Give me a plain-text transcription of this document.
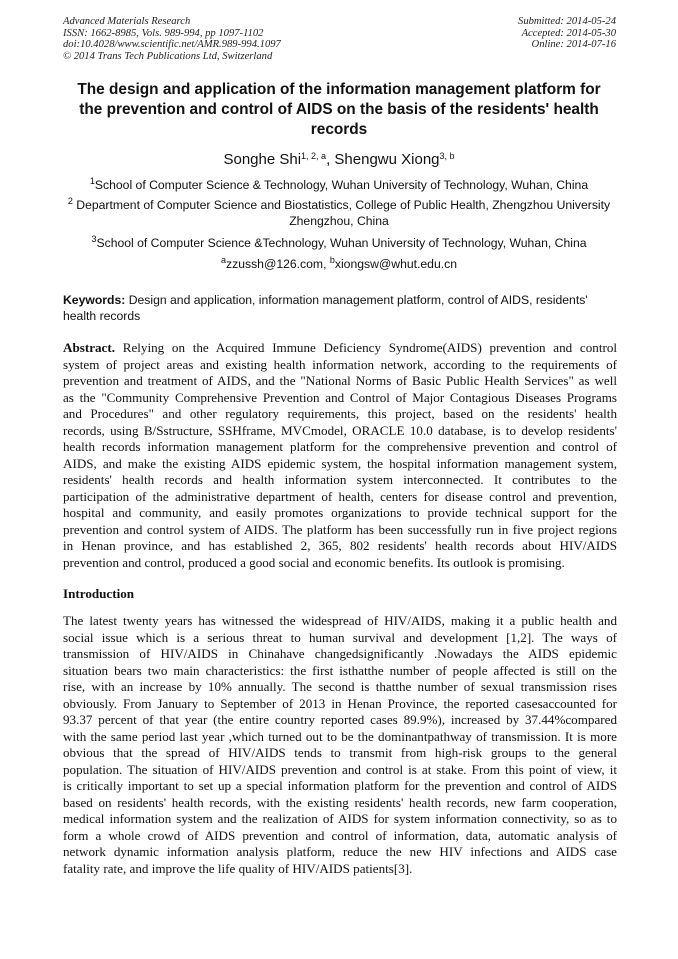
Advanced Materials Research
ISSN: 1662-8985, Vols. 989-994, pp 1097-1102
doi:10.4028/www.scientific.net/AMR.989-994.1097
© 2014 Trans Tech Publications Ltd, Switzerland
Submitted: 2014-05-24
Accepted: 2014-05-30
Online: 2014-07-16
The design and application of the information management platform for
the prevention and control of AIDS on the basis of the residents' health
records
Songhe Shi$^{1, 2, a}$, Shengwu Xiong$^{3, b}$
$^1$School of Computer Science & Technology, Wuhan University of Technology, Wuhan, China
$^2$ Department of Computer Science and Biostatistics, College of Public Health, Zhengzhou University
Zhengzhou, China
$^3$School of Computer Science &Technology, Wuhan University of Technology, Wuhan, China
$^a$zzussh@126.com, $^b$xiongsw@whut.edu.cn
Keywords: Design and application, information management platform, control of AIDS, residents'
health records
Abstract. Relying on the Acquired Immune Deficiency Syndrome(AIDS) prevention and control
system of project areas and existing health information network, according to the requirements of
prevention and treatment of AIDS, and the "National Norms of Basic Public Health Services" as well
as the "Community Comprehensive Prevention and Control of Major Contagious Diseases Programs
and Procedures" and other regulatory requirements, this project, based on the residents' health
records, using B/Sstructure, SSHframe, MVCmodel, ORACLE 10.0 database, is to develop residents'
health records information management platform for the comprehensive prevention and control of
AIDS, and make the existing AIDS epidemic system, the hospital information management system,
residents' health records and health information system interconnected. It contributes to the
participation of the administrative department of health, centers for disease control and prevention,
hospital and community, and easily promotes organizations to provide technical support for the
prevention and control system of AIDS. The platform has been successfully run in five project regions
in Henan province, and has established 2, 365, 802 residents' health records about HIV/AIDS
prevention and control, produced a good social and economic benefits. Its outlook is promising.
Introduction
The latest twenty years has witnessed the widespread of HIV/AIDS, making it a public health and
social issue which is a serious threat to human survival and development [1,2]. The ways of
transmission of HIV/AIDS in Chinahave changedsignificantly .Nowadays the AIDS epidemic
situation bears two main characteristics: the first isthatthe number of people affected is still on the
rise, with an increase by 10% annually. The second is thatthe number of sexual transmission rises
obviously. From January to September of 2013 in Henan Province, the reported casesaccounted for
93.37 percent of that year (the entire country reported cases 89.9%), increased by 37.44%compared
with the same period last year ,which turned out to be the dominantpathway of transmission. It is more
obvious that the spread of HIV/AIDS tends to transmit from high-risk groups to the general
population. The situation of HIV/AIDS prevention and control is at stake. From this point of view, it
is critically important to set up a special information platform for the prevention and control of AIDS
based on residents' health records, with the existing residents' health records, new farm cooperation,
medical information system and the realization of AIDS for system information connectivity, so as to
form a whole crowd of AIDS prevention and control of information, data, automatic analysis of
network dynamic information analysis platform, reduce the new HIV infections and AIDS case
fatality rate, and improve the life quality of HIV/AIDS patients[3].
